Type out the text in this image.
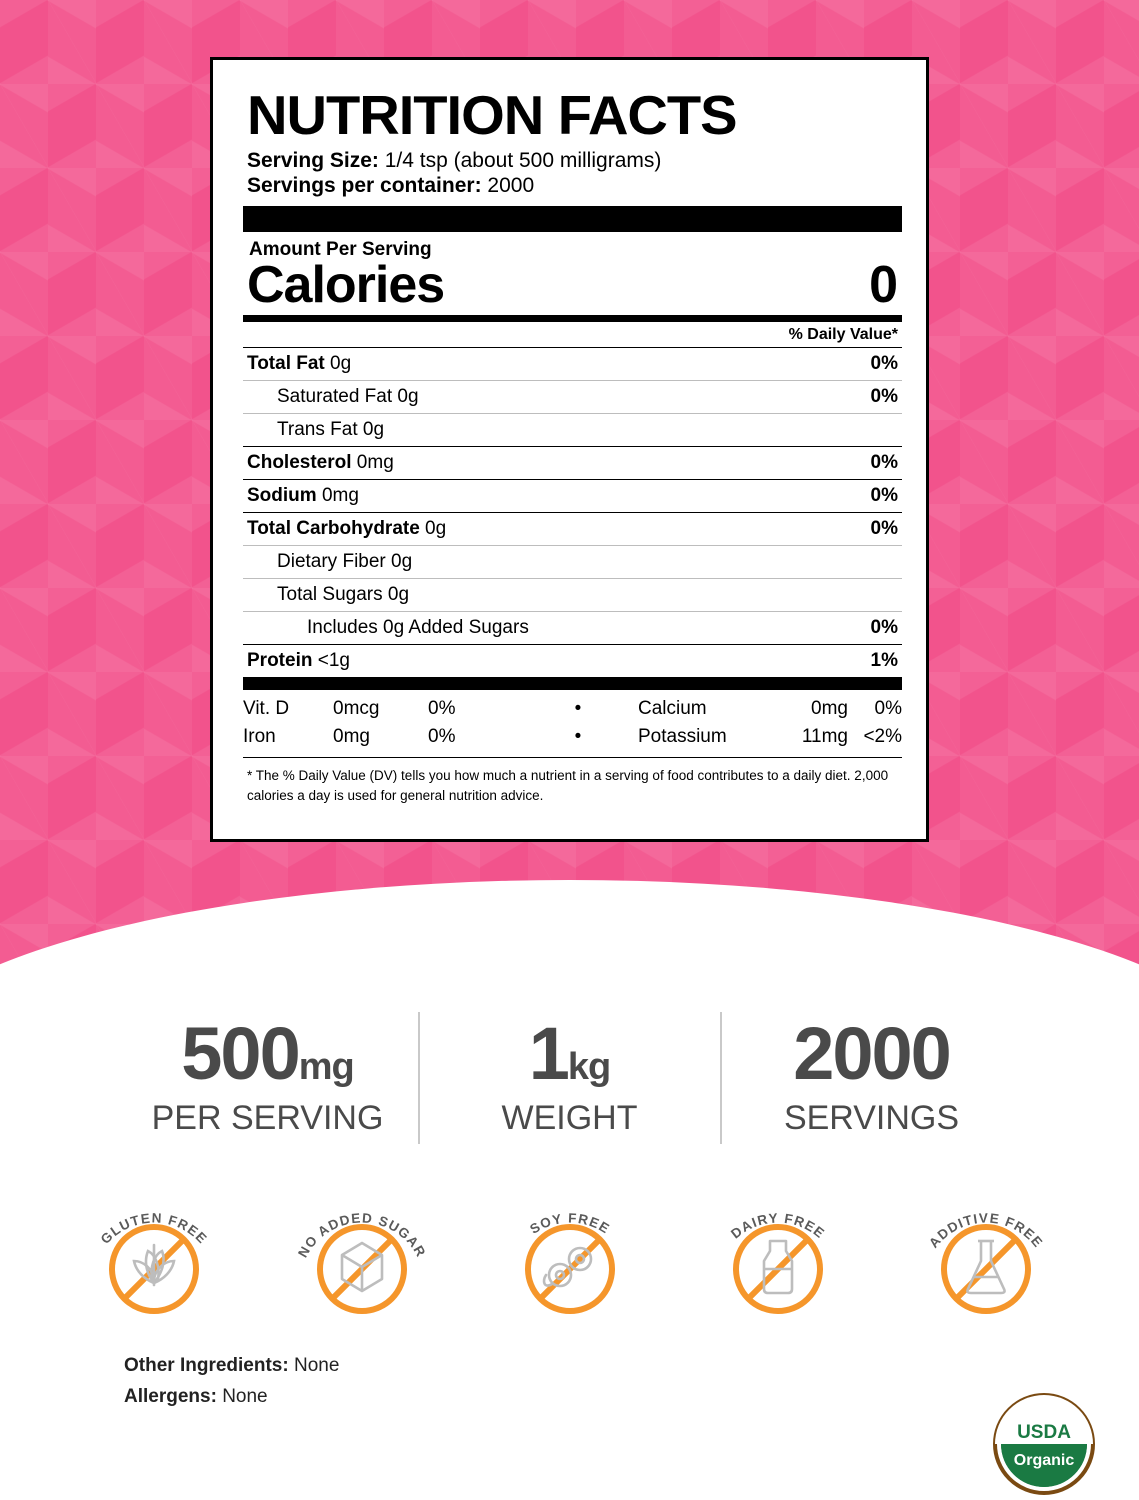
NUTRITION FACTS
Serving Size: 1/4 tsp (about 500 milligrams)
Servings per container: 2000
Amount Per Serving
Calories	0
% Daily Value*
Total Fat 0g	0%
Saturated Fat 0g	0%
Trans Fat 0g
Cholesterol 0mg	0%
Sodium 0mg	0%
Total Carbohydrate 0g	0%
Dietary Fiber 0g
Total Sugars 0g
Includes 0g Added Sugars	0%
Protein <1g	1%
Vit. D	0mcg	0%	•	Calcium	0mg	0%
Iron	0mg	0%	•	Potassium	11mg	<2%
* The % Daily Value (DV) tells you how much a nutrient in a serving of food contributes to a daily diet. 2,000 calories a day is used for general nutrition advice.
500mg
PER SERVING
1kg
WEIGHT
2000
SERVINGS
GLUTEN FREE
NO ADDED SUGAR
SOY FREE	DAIRY FREE
ADDITIVE FREE
Other Ingredients: None
Allergens: None
USDA
Organic
